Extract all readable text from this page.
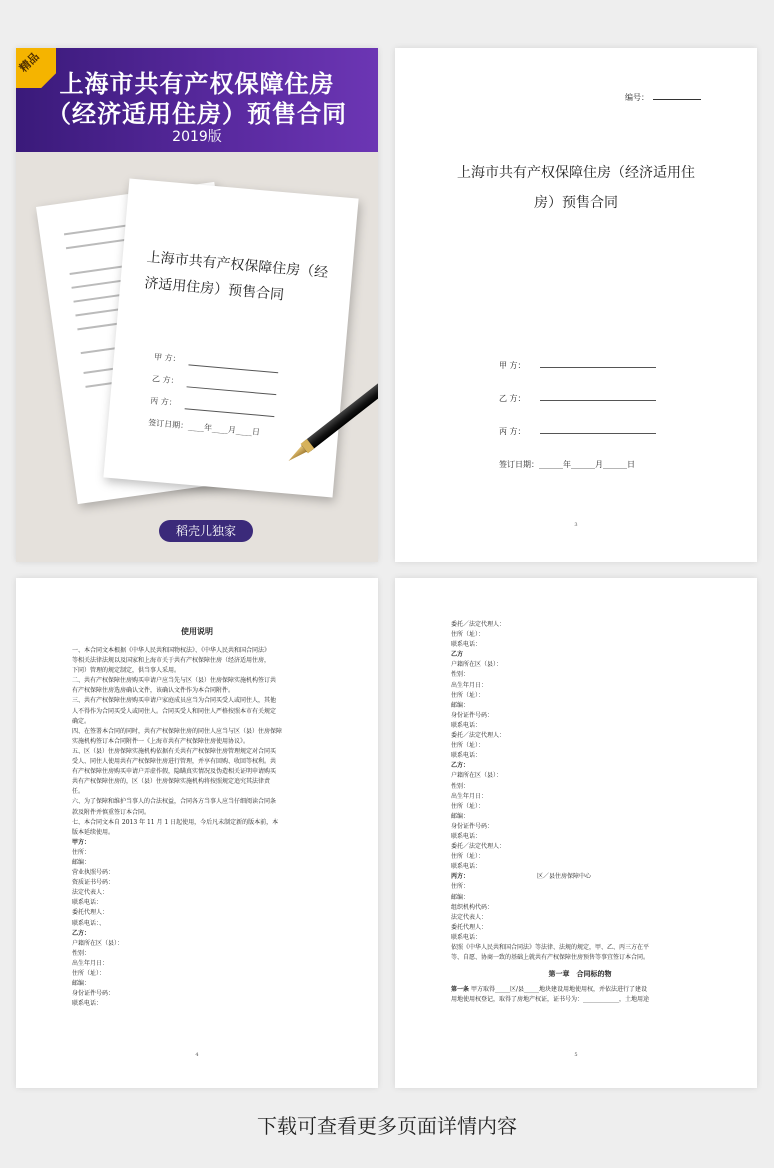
精品
上海市共有产权保障住房
（经济适用住房）预售合同
2019版
上海市共有产权保障住房（经济适用住房）预售合同
甲 方：
乙 方：
丙 方：
签订日期：____年____月____日
稻壳儿独家
编号：
上海市共有产权保障住房（经济适用住房）预售合同
甲 方：
乙 方：
丙 方：
签订日期：______年______月______日
3
使用说明
一、本合同文本根据《中华人民共和国物权法》、《中华人民共和国合同法》
等相关法律法规以及国家和上海市关于共有产权保障住房（经济适用住房，
下同）管理的规定制定，供当事人采用。
二、共有产权保障住房购买申请户应当先与区（县）住房保障实施机构签订共
有产权保障住房选房确认文件，该确认文件作为本合同附件。
三、共有产权保障住房购买申请户家庭成员应当为合同买受人或同住人，其他
人不得作为合同买受人或同住人。合同买受人和同住人严格按照本市有关规定
确定。
四、在签署本合同的同时，共有产权保障住房的同住人应当与区（县）住房保障
实施机构签订本合同附件一《上海市共有产权保障住房使用协议》。
五、区（县）住房保障实施机构依据有关共有产权保障住房管理规定对合同买
受人、同住人使用共有产权保障住房进行管理，并享有回购、收回等权利。共
有产权保障住房购买申请户弄虚作假，隐瞒真实情况及伪造相关证明申请购买
共有产权保障住房的，区（县）住房保障实施机构将按照规定追究其法律责
任。
六、为了保障和维护当事人的合法权益，合同各方当事人应当仔细阅读合同条
款及附件并慎重签订本合同。
七、本合同文本自 2013 年 11 月 1 日起使用，今后凡未制定新的版本前，本
版本延续使用。
甲方：
住所：
邮编：
营业执照号码：
资质证书号码：
法定代表人：
联系电话：
委托代理人：
联系电话：、
乙方：
户籍所在区（县）：
性别：
出生年月日：
住所（址）：
邮编：
身份证件号码：
联系电话：
4
委托／法定代理人：
住所（址）：
联系电话：
乙方
户籍所在区（县）：
性别：
出生年月日：
住所（址）：
邮编：
身份证件号码：
联系电话：
委托／法定代理人：
住所（址）：
联系电话：
乙方：
户籍所在区（县）：
性别：
出生年月日：
住所（址）：
邮编：
身份证件号码：
联系电话：
委托／法定代理人：
住所（址）：
联系电话：
丙方：	区／县住房保障中心
住所：
邮编：
组织机构代码：
法定代表人：
委托代理人：
联系电话：
依照《中华人民共和国合同法》等法律、法规的规定，甲、乙、丙三方在平
等、自愿、协商一致的基础上就共有产权保障住房预售等事宜签订本合同。
第一章　合同标的物
第一条 甲方取得_____区/县_____地块建设用地使用权，并依法进行了建设
用地使用权登记，取得了房地产权证，证书号为：____________，土地用途
5
下载可查看更多页面详情内容
